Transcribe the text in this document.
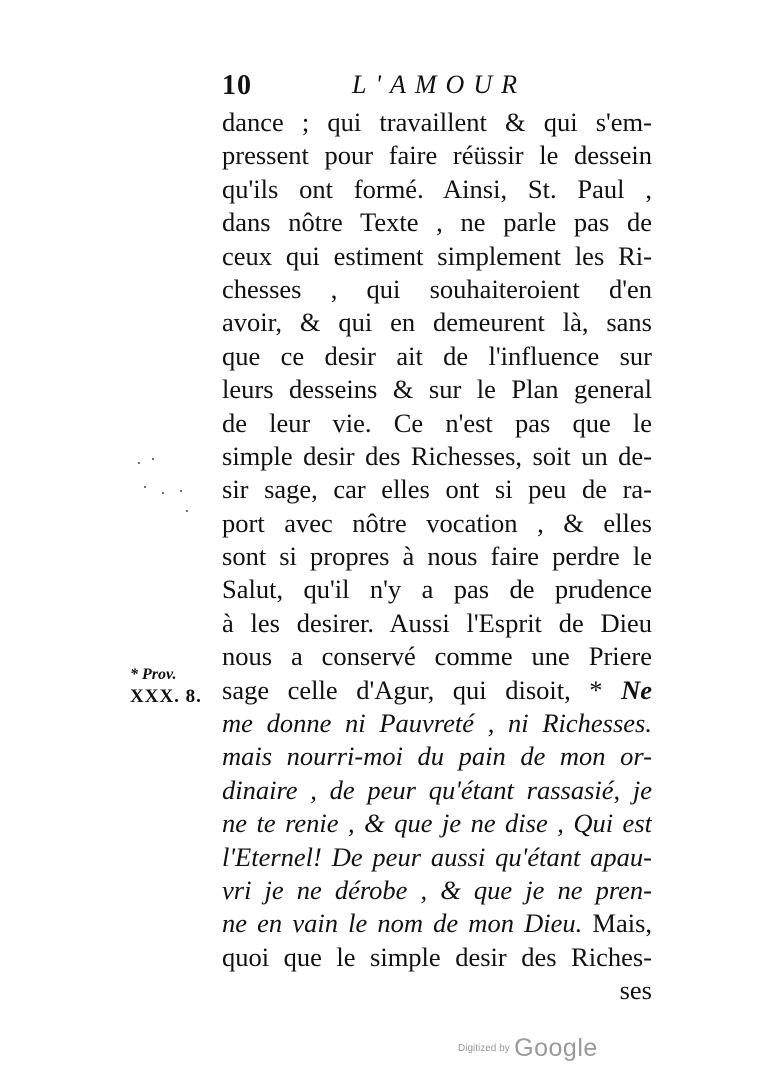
10	L'AMOUR
* Prov.
XXX. 8.
dance ; qui travaillent & qui s'em-
pressent pour faire réüssir le dessein
qu'ils ont formé. Ainsi, St. Paul ,
dans nôtre Texte , ne parle pas de
ceux qui estiment simplement les Ri-
chesses , qui souhaiteroient d'en
avoir, & qui en demeurent là, sans
que ce desir ait de l'influence sur
leurs desseins & sur le Plan general
de leur vie. Ce n'est pas que le
simple desir des Richesses, soit un de-
sir sage, car elles ont si peu de ra-
port avec nôtre vocation , & elles
sont si propres à nous faire perdre le
Salut, qu'il n'y a pas de prudence
à les desirer. Aussi l'Esprit de Dieu
nous a conservé comme une Priere
sage celle d'Agur, qui disoit, * Ne
me donne ni Pauvreté , ni Richesses.
mais nourri-moi du pain de mon or-
dinaire , de peur qu'étant rassasié, je
ne te renie , & que je ne dise , Qui est
l'Eternel! De peur aussi qu'étant apau-
vri je ne dérobe , & que je ne pren-
ne en vain le nom de mon Dieu. Mais,
quoi que le simple desir des Riches-
ses
Digitized by Google
